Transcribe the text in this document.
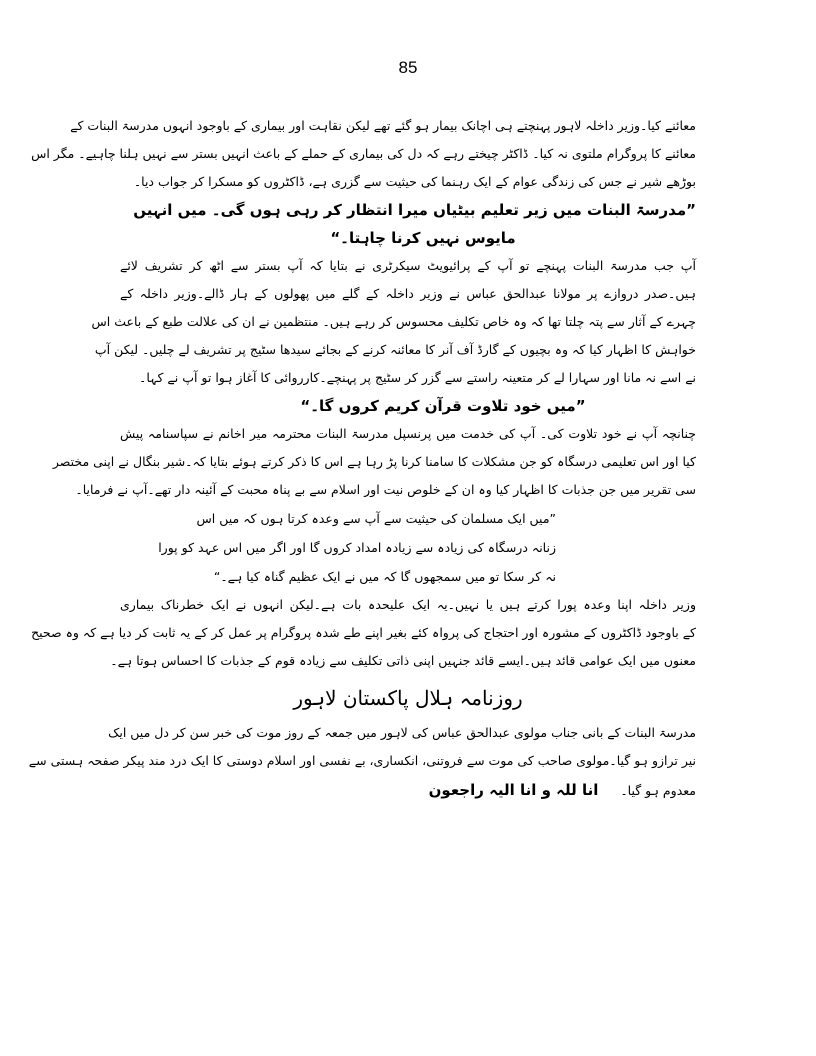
85
معائنے کیا۔وزیر داخلہ لاہور پہنچتے ہی اچانک بیمار ہو گئے تھے لیکن نقاہت اور بیماری کے باوجود انہوں مدرسۃ البنات کے
معائنے کا پروگرام ملتوی نہ کیا۔ ڈاکٹر چیختے رہے کہ دل کی بیماری کے حملے کے باعث انہیں بستر سے نہیں ہلنا چاہیے۔ مگر اس
بوڑھے شیر نے جس کی زندگی عوام کے ایک رہنما کی حیثیت سے گزری ہے، ڈاکٹروں کو مسکرا کر جواب دیا۔
”مدرسۃ البنات میں زیر تعلیم بیٹیاں میرا انتظار کر رہی ہوں گی۔ میں انہیں
مایوس نہیں کرنا چاہتا۔“
آپ جب مدرسۃ البنات پہنچے تو آپ کے پرائیویٹ سیکرٹری نے بتایا کہ آپ بستر سے اٹھ کر تشریف لائے
ہیں۔صدر دروازے پر مولانا عبدالحق عباس نے وزیر داخلہ کے گلے میں پھولوں کے ہار ڈالے۔وزیر داخلہ کے
چہرے کے آثار سے پتہ چلتا تھا کہ وہ خاص تکلیف محسوس کر رہے ہیں۔ منتظمین نے ان کی علالت طبع کے باعث اس
خواہش کا اظہار کیا کہ وہ بچیوں کے گارڈ آف آنر کا معائنہ کرنے کے بجائے سیدھا سٹیج پر تشریف لے چلیں۔ لیکن آپ
نے اسے نہ مانا اور سہارا لے کر متعینہ راستے سے گزر کر سٹیج پر پہنچے۔کارروائی کا آغاز ہوا تو آپ نے کہا۔
”میں خود تلاوت قرآن کریم کروں گا۔“
چنانچہ آپ نے خود تلاوت کی۔ آپ کی خدمت میں پرنسپل مدرسۃ البنات محترمہ میر اخانم نے سپاسنامہ پیش
کیا اور اس تعلیمی درسگاہ کو جن مشکلات کا سامنا کرنا پڑ رہا ہے اس کا ذکر کرتے ہوئے بتایا کہ۔شیر بنگال نے اپنی مختصر
سی تقریر میں جن جذبات کا اظہار کیا وہ ان کے خلوص نیت اور اسلام سے بے پناہ محبت کے آئینہ دار تھے۔آپ نے فرمایا۔
”میں ایک مسلمان کی حیثیت سے آپ سے وعدہ کرتا ہوں کہ میں اس
زنانہ درسگاہ کی زیادہ سے زیادہ امداد کروں گا اور اگر میں اس عہد کو پورا
نہ کر سکا تو میں سمجھوں گا کہ میں نے ایک عظیم گناہ کیا ہے۔“
وزیر داخلہ اپنا وعدہ پورا کرتے ہیں یا نہیں۔یہ ایک علیحدہ بات ہے۔لیکن انہوں نے ایک خطرناک بیماری
کے باوجود ڈاکٹروں کے مشورہ اور احتجاج کی پرواہ کئے بغیر اپنے طے شدہ پروگرام پر عمل کر کے یہ ثابت کر دیا ہے کہ وہ صحیح
معنوں میں ایک عوامی قائد ہیں۔ایسے قائد جنہیں اپنی ذاتی تکلیف سے زیادہ قوم کے جذبات کا احساس ہوتا ہے۔
روزنامہ ہلال پاکستان لاہور
مدرسۃ البنات کے بانی جناب مولوی عبدالحق عباس کی لاہور میں جمعہ کے روز موت کی خبر سن کر دل میں ایک
نیر ترازو ہو گیا۔مولوی صاحب کی موت سے فروتنی، انکساری، بے نفسی اور اسلام دوستی کا ایک درد مند پیکر صفحہ ہستی سے
معدوم ہو گیا۔ انا للہ و انا الیہ راجعون
